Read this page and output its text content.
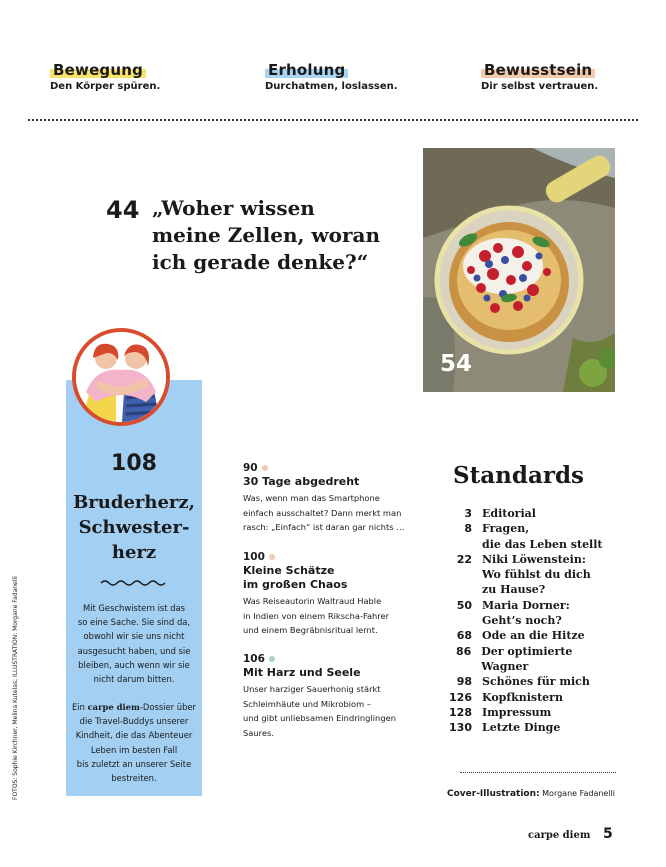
Bewegung
Den Körper spüren.
Erholung
Durchatmen, loslassen.
Bewusstsein
Dir selbst vertrauen.
44 „Woher wissen
meine Zellen, woran
ich gerade denke?“
54
108
Bruderherz,
Schwester-
herz
Mit Geschwistern ist das
so eine Sache. Sie sind da,
obwohl wir sie uns nicht
ausgesucht haben, und sie
bleiben, auch wenn wir sie
nicht darum bitten.
Ein carpe diem-Dossier über
die Travel-Buddys unserer
Kindheit, die das Abenteuer
Leben im besten Fall
bis zuletzt an unserer Seite
bestreiten.
FOTOS: Sophie Kirchner, Melina Kutelas; ILLUSTRATION: Morgane Fadanelli
90
30 Tage abgedreht
Was, wenn man das Smartphone
einfach ausschaltet? Dann merkt man
rasch: „Einfach“ ist daran gar nichts …
100
Kleine Schätze
im großen Chaos
Was Reiseautorin Waltraud Hable
in Indien von einem Rikscha-Fahrer
und einem Begräbnisritual lernt.
106
Mit Harz und Seele
Unser harziger Sauerhonig stärkt
Schleimhäute und Mikrobiom –
und gibt unliebsamen Eindringlingen
Saures.
Standards
3 Editorial
8 Fragen,
die das Leben stellt
22 Niki Löwenstein:
Wo fühlst du dich
zu Hause?
50 Maria Dorner:
Geht’s noch?
68 Ode an die Hitze
86 Der optimierte Wagner
98 Schönes für mich
126 Kopfknistern
128 Impressum
130 Letzte Dinge
Cover-Illustration: Morgane Fadanelli
carpe diem 5
